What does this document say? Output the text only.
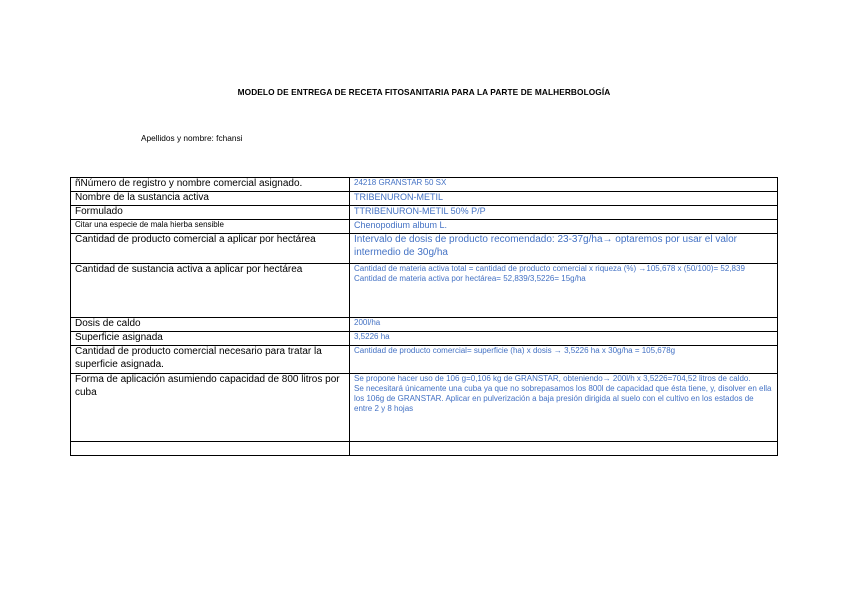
MODELO DE ENTREGA DE RECETA FITOSANITARIA PARA LA PARTE DE MALHERBOLOGÍA
Apellidos y nombre: fchansi
ñNúmero de registro y nombre comercial asignado.	24218 GRANSTAR 50 SX

Nombre de la sustancia activa	TRIBENURON-METIL

Formulado	TTRIBENURON-METIL 50% P/P

Citar una especie de mala hierba sensible	Chenopodium album L.

Cantidad de producto comercial a aplicar por hectárea	Intervalo de dosis de producto recomendado: 23-37g/ha→ optaremos por usar el valor intermedio de 30g/ha

Cantidad de sustancia activa a aplicar por hectárea	Cantidad de materia activa total = cantidad de producto comercial x riqueza (%) →105,678 x (50/100)= 52,839
Cantidad de materia activa por hectárea= 52,839/3,5226= 15g/ha

Dosis de caldo	200l/ha

Superficie asignada	3,5226 ha

Cantidad de producto comercial necesario para tratar la superficie asignada.	Cantidad de producto comercial= superficie (ha) x dosis → 3,5226 ha x 30g/ha = 105,678g

Forma de aplicación asumiendo capacidad de 800 litros por cuba	Se propone hacer uso de 106 g=0,106 kg de GRANSTAR, obteniendo→ 200l/h x 3,5226=704,52 litros de caldo.
Se necesitará únicamente una cuba ya que no sobrepasamos los 800l de capacidad que ésta tiene, y, disolver en ella los 106g de GRANSTAR. Aplicar en pulverización a baja presión dirigida al suelo con el cultivo en los estados de entre 2 y 8 hojas
